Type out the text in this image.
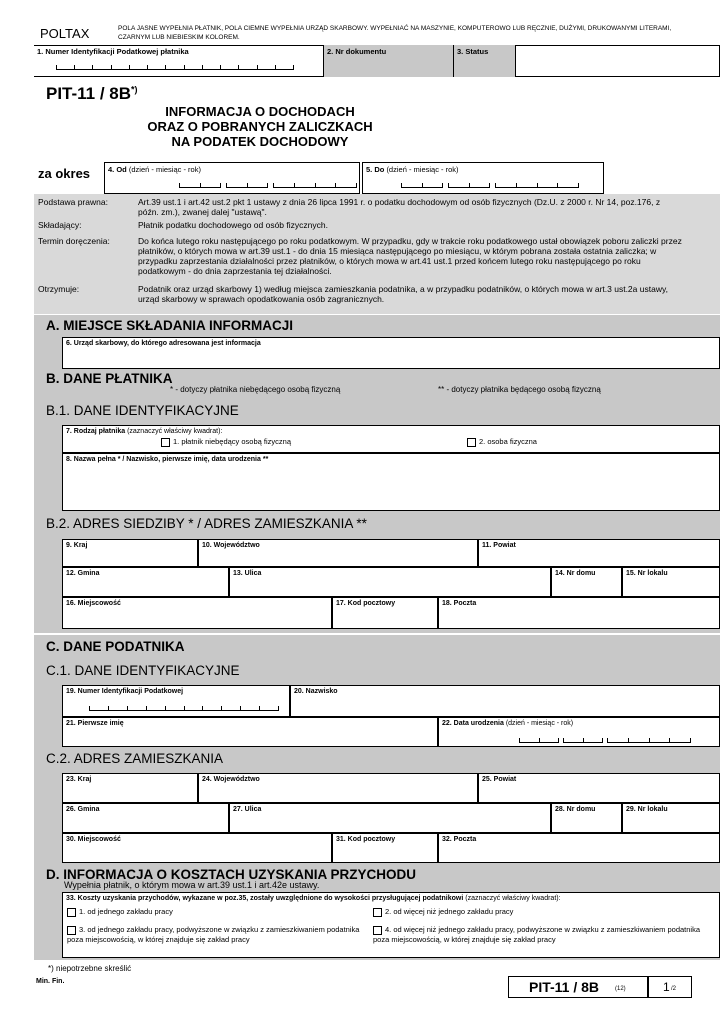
POLTAX	POLA JASNE WYPEŁNIA PŁATNIK, POLA CIEMNE WYPEŁNIA URZĄD SKARBOWY. WYPEŁNIAĆ NA MASZYNIE, KOMPUTEROWO LUB RĘCZNIE, DUŻYMI, DRUKOWANYMI LITERAMI, CZARNYM LUB NIEBIESKIM KOLOREM.
1. Numer Identyfikacji Podatkowej płatnika	2. Nr dokumentu	3. Status
PIT-11 / 8B*)
INFORMACJA O DOCHODACH
ORAZ O POBRANYCH ZALICZKACH
NA PODATEK DOCHODOWY
za okres	4. Od (dzień - miesiąc - rok)	5. Do (dzień - miesiąc - rok)
Podstawa prawna:	Art.39 ust.1 i art.42 ust.2 pkt 1 ustawy z dnia 26 lipca 1991 r. o podatku dochodowym od osób fizycznych (Dz.U. z 2000 r. Nr 14, poz.176, z późn. zm.), zwanej dalej "ustawą".
Składający:	Płatnik podatku dochodowego od osób fizycznych.
Termin doręczenia:	Do końca lutego roku następującego po roku podatkowym. W przypadku, gdy w trakcie roku podatkowego ustał obowiązek poboru zaliczki przez płatników, o których mowa w art.39 ust.1 - do dnia 15 miesiąca następującego po miesiącu, w którym pobrana została ostatnia zaliczka; w przypadku zaprzestania działalności przez płatników, o których mowa w art.41 ust.1 przed końcem lutego roku następującego po roku podatkowym - do dnia zaprzestania tej działalności.
Otrzymuje:	Podatnik oraz urząd skarbowy 1) według miejsca zamieszkania podatnika, a w przypadku podatników, o których mowa w art.3 ust.2a ustawy, urząd skarbowy w sprawach opodatkowania osób zagranicznych.
A. MIEJSCE SKŁADANIA INFORMACJI
6. Urząd skarbowy, do którego adresowana jest informacja
B. DANE PŁATNIKA
* - dotyczy płatnika niebędącego osobą fizyczną	** - dotyczy płatnika będącego osobą fizyczną
B.1. DANE IDENTYFIKACYJNE
7. Rodzaj płatnika (zaznaczyć właściwy kwadrat):
1. płatnik niebędący osobą fizyczną	2. osoba fizyczna
8. Nazwa pełna * / Nazwisko, pierwsze imię, data urodzenia **
B.2. ADRES SIEDZIBY * / ADRES ZAMIESZKANIA **
9. Kraj	10. Województwo	11. Powiat
12. Gmina	13. Ulica	14. Nr domu	15. Nr lokalu
16. Miejscowość	17. Kod pocztowy	18. Poczta
C. DANE PODATNIKA
C.1. DANE IDENTYFIKACYJNE
19. Numer Identyfikacji Podatkowej	20. Nazwisko
21. Pierwsze imię	22. Data urodzenia (dzień - miesiąc - rok)
C.2. ADRES ZAMIESZKANIA
23. Kraj	24. Województwo	25. Powiat
26. Gmina	27. Ulica	28. Nr domu	29. Nr lokalu
30. Miejscowość	31. Kod pocztowy	32. Poczta
D. INFORMACJA O KOSZTACH UZYSKANIA PRZYCHODU
Wypełnia płatnik, o którym mowa w art.39 ust.1 i art.42e ustawy.
33. Koszty uzyskania przychodów, wykazane w poz.35, zostały uwzględnione do wysokości przysługującej podatnikowi (zaznaczyć właściwy kwadrat):
1. od jednego zakładu pracy	2. od więcej niż jednego zakładu pracy
3. od jednego zakładu pracy, podwyższone w związku z zamieszkiwaniem podatnika poza miejscowością, w której znajduje się zakład pracy
4. od więcej niż jednego zakładu pracy, podwyższone w związku z zamieszkiwaniem podatnika poza miejscowością, w której znajduje się zakład pracy
*) niepotrzebne skreślić
Min. Fin.	PIT-11 / 8B	(12)	1 /2
